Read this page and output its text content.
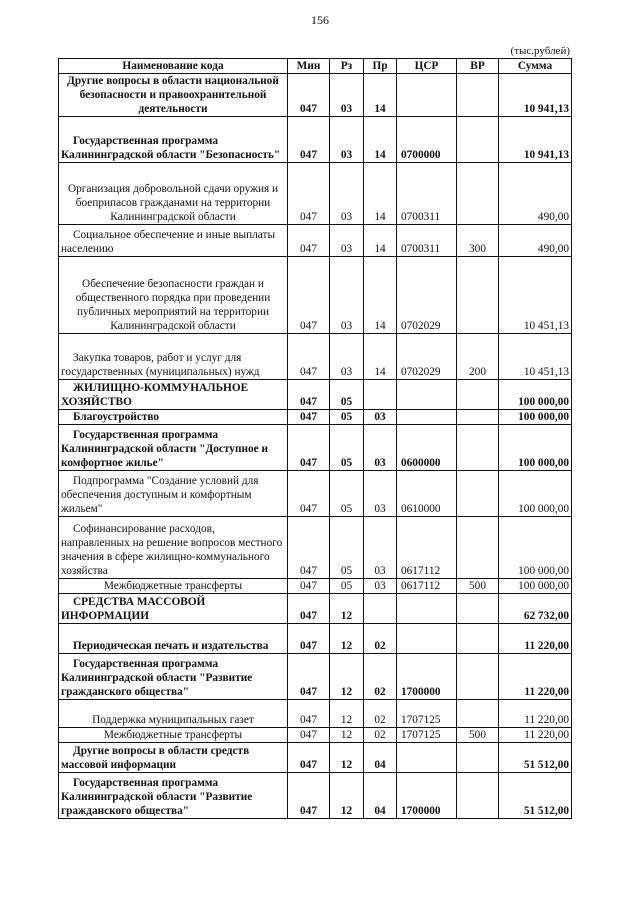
156
(тыс.рублей)
Наименование кода	Мин	Рз	Пр	ЦСР	ВР	Сумма
Другие вопросы в области национальной безопасности и правоохранительной деятельности	047	03	14			10 941,13
Государственная программа Калининградской области "Безопасность"	047	03	14	0700000		10 941,13
Организация добровольной сдачи оружия и боеприпасов гражданами на территории Калининградской области	047	03	14	0700311		490,00
Социальное обеспечение и иные выплаты населению	047	03	14	0700311	300	490,00
Обеспечение безопасности граждан и общественного порядка при проведении публичных мероприятий на территории Калининградской области	047	03	14	0702029		10 451,13
Закупка товаров, работ и услуг для государственных (муниципальных) нужд	047	03	14	0702029	200	10 451,13
ЖИЛИЩНО-КОММУНАЛЬНОЕ ХОЗЯЙСТВО	047	05				100 000,00
Благоустройство	047	05	03			100 000,00
Государственная программа Калининградской области "Доступное и комфортное жилье"	047	05	03	0600000		100 000,00
Подпрограмма "Создание условий для обеспечения доступным и комфортным жильем"	047	05	03	0610000		100 000,00
Софинансирование расходов, направленных на решение вопросов местного значения в сфере жилищно-коммунального хозяйства	047	05	03	0617112		100 000,00
Межбюджетные трансферты	047	05	03	0617112	500	100 000,00
СРЕДСТВА МАССОВОЙ ИНФОРМАЦИИ	047	12				62 732,00
Периодическая печать и издательства	047	12	02			11 220,00
Государственная программа Калининградской области "Развитие гражданского общества"	047	12	02	1700000		11 220,00
Поддержка муниципальных газет	047	12	02	1707125		11 220,00
Межбюджетные трансферты	047	12	02	1707125	500	11 220,00
Другие вопросы в области средств массовой информации	047	12	04			51 512,00
Государственная программа Калининградской области "Развитие гражданского общества"	047	12	04	1700000		51 512,00
